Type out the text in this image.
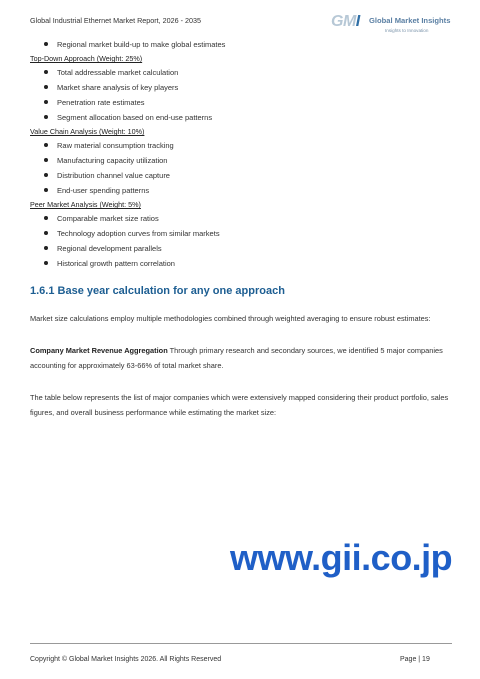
Global Industrial Ethernet Market Report, 2026 - 2035	GMI Global Market Insights
Insights to Innovation
Regional market build-up to make global estimates
Top-Down Approach (Weight: 25%)
Total addressable market calculation
Market share analysis of key players
Penetration rate estimates
Segment allocation based on end-use patterns
Value Chain Analysis (Weight: 10%)
Raw material consumption tracking
Manufacturing capacity utilization
Distribution channel value capture
End-user spending patterns
Peer Market Analysis (Weight: 5%)
Comparable market size ratios
Technology adoption curves from similar markets
Regional development parallels
Historical growth pattern correlation
1.6.1 Base year calculation for any one approach

Market size calculations employ multiple methodologies combined through weighted averaging to ensure robust estimates:

Company Market Revenue Aggregation Through primary research and secondary sources, we identified 5 major companies accounting for approximately 63-66% of total market share.

The table below represents the list of major companies which were extensively mapped considering their product portfolio, sales figures, and overall business performance while estimating the market size:

www.gii.co.jp
Copyright © Global Market Insights 2026. All Rights Reserved	Page | 19
